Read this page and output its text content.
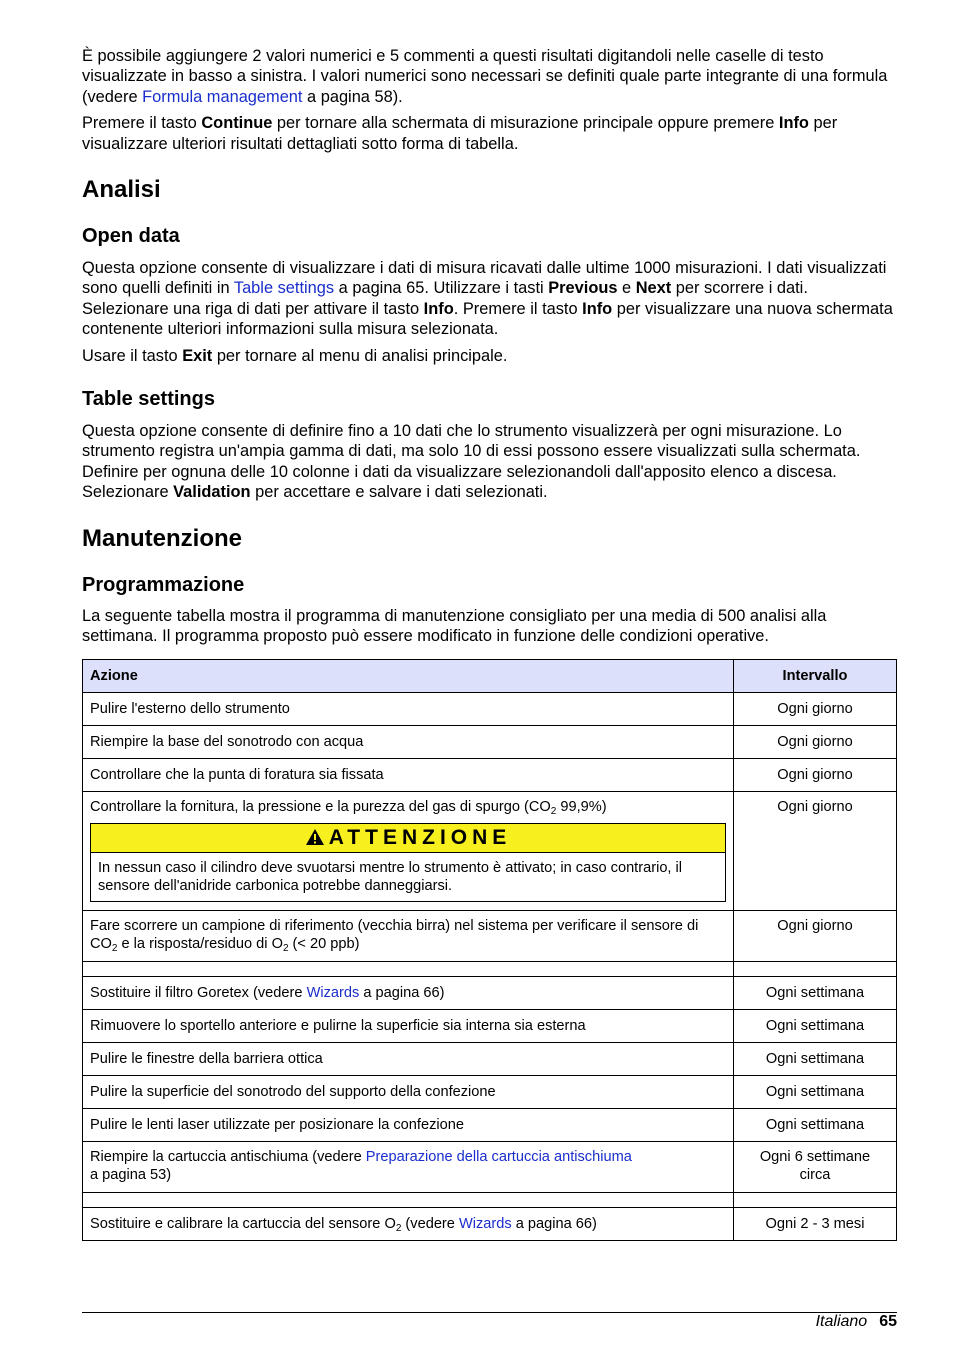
È possibile aggiungere 2 valori numerici e 5 commenti a questi risultati digitandoli nelle caselle di testo visualizzate in basso a sinistra. I valori numerici sono necessari se definiti quale parte integrante di una formula (vedere Formula management a pagina 58).

Premere il tasto Continue per tornare alla schermata di misurazione principale oppure premere Info per visualizzare ulteriori risultati dettagliati sotto forma di tabella.

Analisi
Open data

Questa opzione consente di visualizzare i dati di misura ricavati dalle ultime 1000 misurazioni. I dati visualizzati sono quelli definiti in Table settings a pagina 65. Utilizzare i tasti Previous e Next per scorrere i dati. Selezionare una riga di dati per attivare il tasto Info. Premere il tasto Info per visualizzare una nuova schermata contenente ulteriori informazioni sulla misura selezionata.

Usare il tasto Exit per tornare al menu di analisi principale.

Table settings

Questa opzione consente di definire fino a 10 dati che lo strumento visualizzerà per ogni misurazione. Lo strumento registra un'ampia gamma di dati, ma solo 10 di essi possono essere visualizzati sulla schermata. Definire per ognuna delle 10 colonne i dati da visualizzare selezionandoli dall'apposito elenco a discesa. Selezionare Validation per accettare e salvare i dati selezionati.

Manutenzione
Programmazione

La seguente tabella mostra il programma di manutenzione consigliato per una media di 500 analisi alla settimana. Il programma proposto può essere modificato in funzione delle condizioni operative.

Azione	Intervallo
Pulire l'esterno dello strumento	Ogni giorno
Riempire la base del sonotrodo con acqua	Ogni giorno
Controllare che la punta di foratura sia fissata	Ogni giorno

Controllare la fornitura, la pressione e la purezza del gas di spurgo ($CO_2$ 99,9%)
ATTENZIONE
In nessun caso il cilindro deve svuotarsi mentre lo strumento è attivato; in caso contrario, il sensore dell'anidride carbonica potrebbe danneggiarsi.	Ogni giorno
Fare scorrere un campione di riferimento (vecchia birra) nel sistema per verificare il sensore di $CO_2$ e la risposta/residuo di $O_2$ (< 20 ppb)	Ogni giorno

Sostituire il filtro Goretex (vedere Wizards a pagina 66)	Ogni settimana
Rimuovere lo sportello anteriore e pulirne la superficie sia interna sia esterna	Ogni settimana
Pulire le finestre della barriera ottica	Ogni settimana
Pulire la superficie del sonotrodo del supporto della confezione	Ogni settimana
Pulire le lenti laser utilizzate per posizionare la confezione	Ogni settimana
Riempire la cartuccia antischiuma (vedere Preparazione della cartuccia antischiuma
a pagina 53)	Ogni 6 settimane circa

Sostituire e calibrare la cartuccia del sensore $O_2$ (vedere Wizards a pagina 66)	Ogni 2 - 3 mesi
Italiano 65
